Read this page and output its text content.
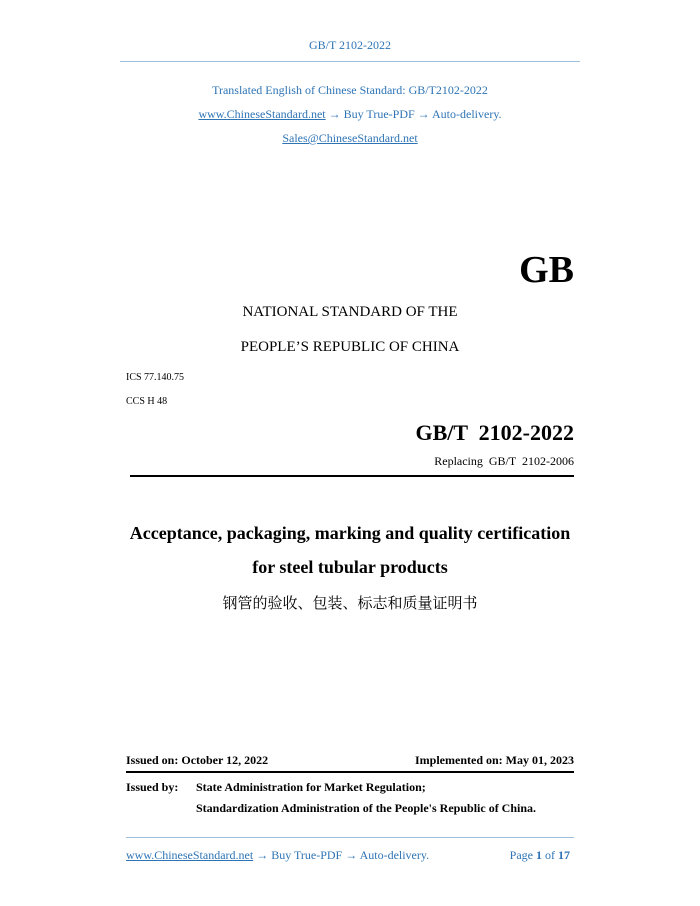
GB/T 2102-2022
Translated English of Chinese Standard: GB/T2102-2022
www.ChineseStandard.net → Buy True-PDF → Auto-delivery.
Sales@ChineseStandard.net
GB
NATIONAL STANDARD OF THE
PEOPLE’S REPUBLIC OF CHINA
ICS 77.140.75
CCS H 48
GB/T  2102-2022
Replacing  GB/T  2102-2006
Acceptance, packaging, marking and quality certification
for steel tubular products
钢管的验收、包装、标志和质量证明书
Issued on: October 12, 2022	Implemented on: May 01, 2023
Issued by: State Administration for Market Regulation;
Standardization Administration of the People's Republic of China.
www.ChineseStandard.net → Buy True-PDF → Auto-delivery.	Page 1 of 17
